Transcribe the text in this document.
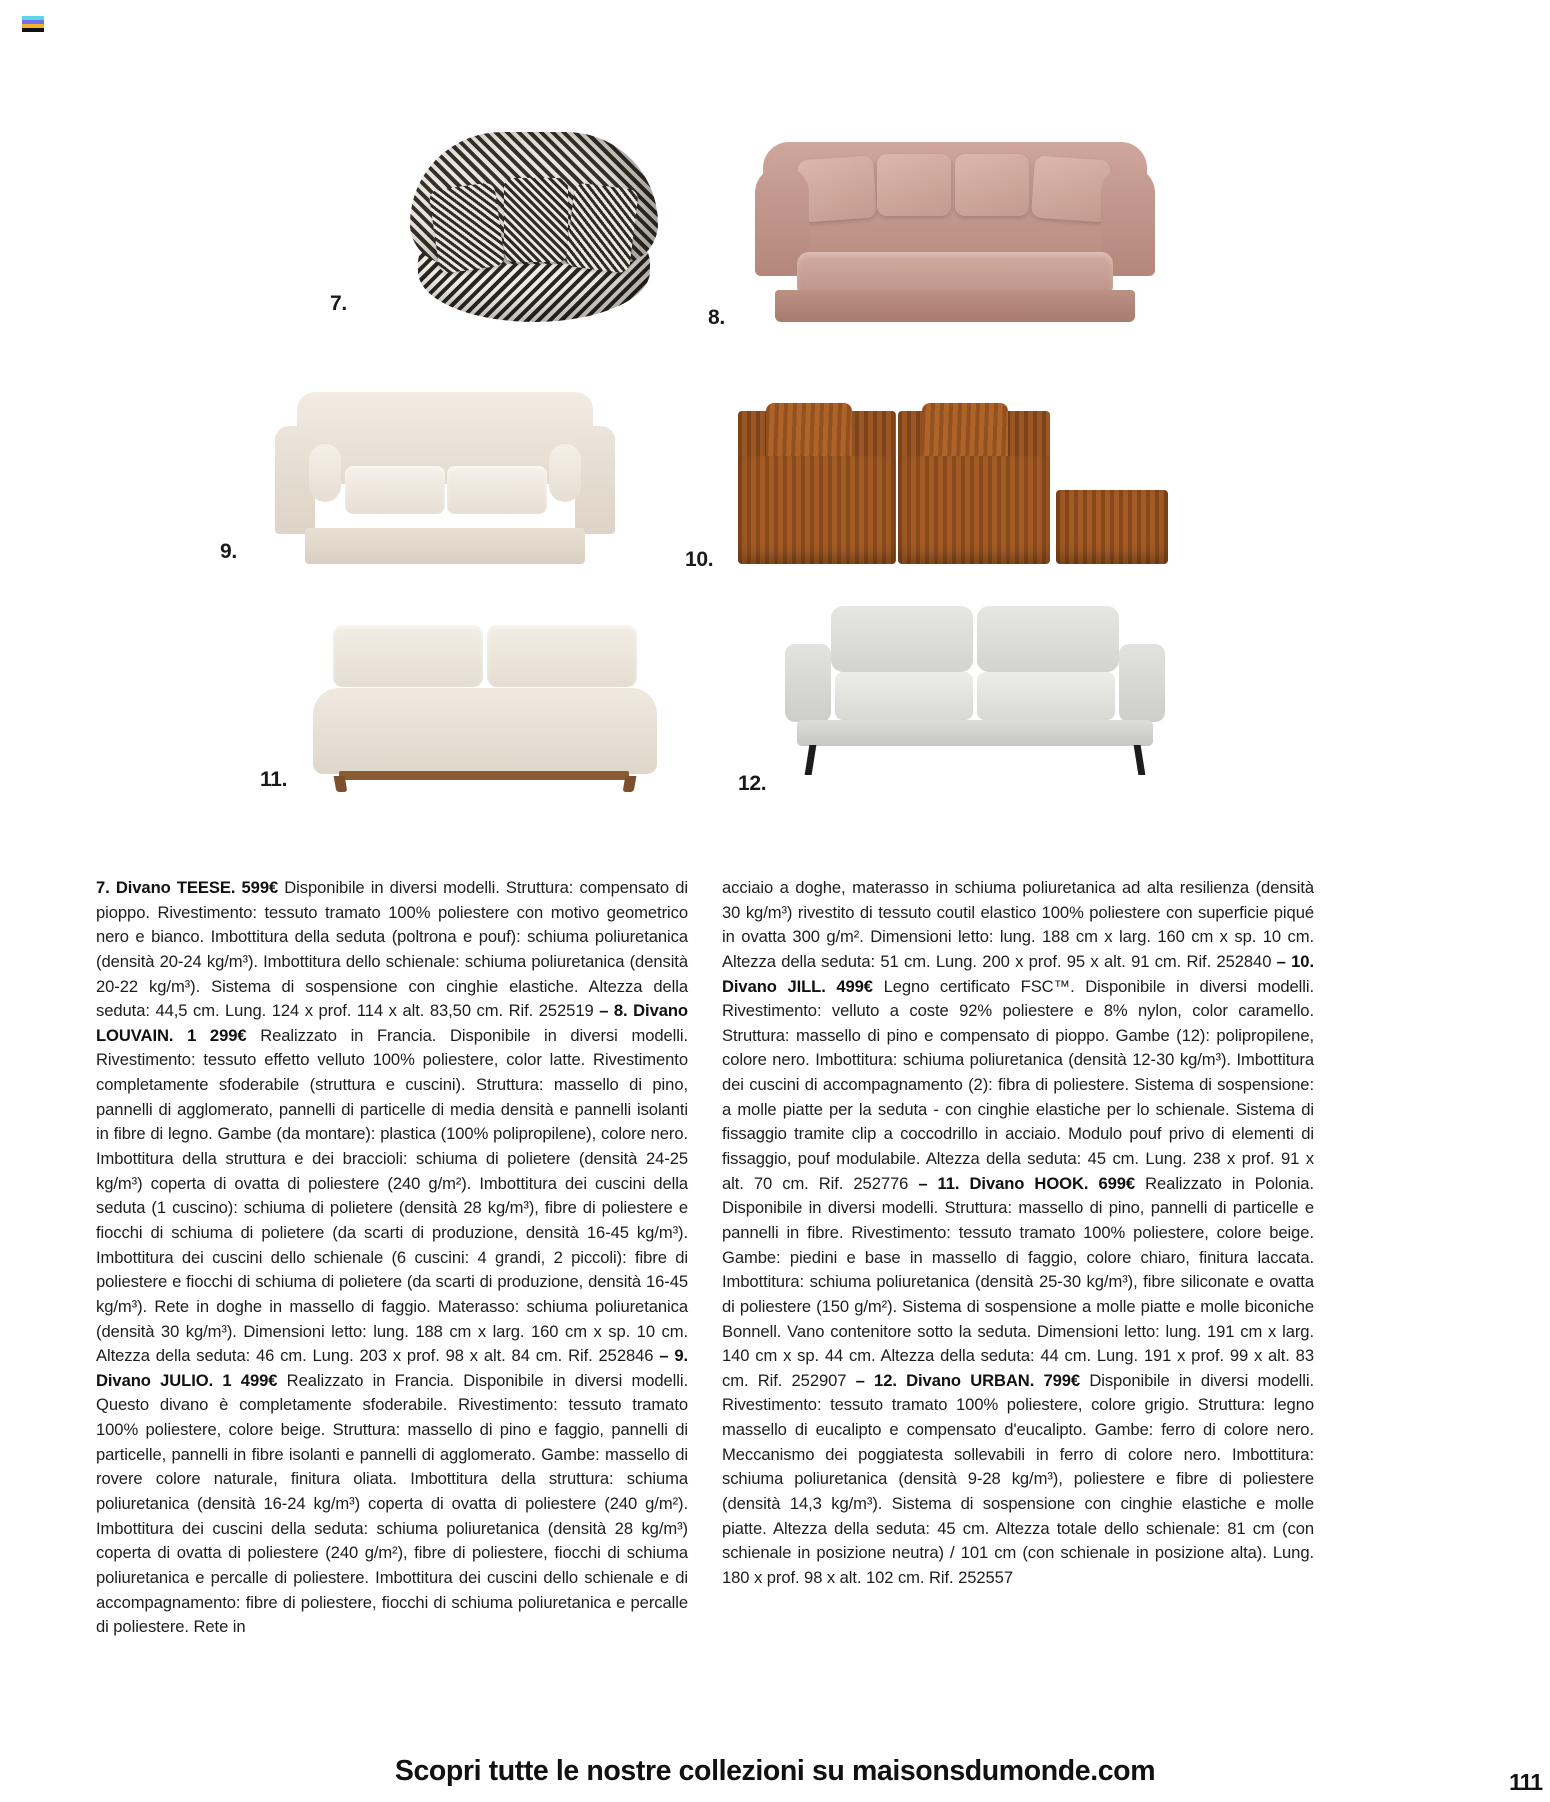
7.
8.
9.	10.
11.	12.

7. Divano TEESE. 599€ Disponibile in diversi modelli. Struttura: compensato di pioppo. Rivestimento: tessuto tramato 100% poliestere con motivo geometrico nero e bianco. Imbottitura della seduta (poltrona e pouf): schiuma poliuretanica (densità 20-24 kg/m³). Imbottitura dello schienale: schiuma poliuretanica (densità 20-22 kg/m³). Sistema di sospensione con cinghie elastiche. Altezza della seduta: 44,5 cm. Lung. 124 x prof. 114 x alt. 83,50 cm. Rif. 252519 – 8. Divano LOUVAIN. 1 299€ Realizzato in Francia. Disponibile in diversi modelli. Rivestimento: tessuto effetto velluto 100% poliestere, color latte. Rivestimento completamente sfoderabile (struttura e cuscini). Struttura: massello di pino, pannelli di agglomerato, pannelli di particelle di media densità e pannelli isolanti in fibre di legno. Gambe (da montare): plastica (100% polipropilene), colore nero. Imbottitura della struttura e dei braccioli: schiuma di polietere (densità 24-25 kg/m³) coperta di ovatta di poliestere (240 g/m²). Imbottitura dei cuscini della seduta (1 cuscino): schiuma di polietere (densità 28 kg/m³), fibre di poliestere e fiocchi di schiuma di polietere (da scarti di produzione, densità 16-45 kg/m³). Imbottitura dei cuscini dello schienale (6 cuscini: 4 grandi, 2 piccoli): fibre di poliestere e fiocchi di schiuma di polietere (da scarti di produzione, densità 16-45 kg/m³). Rete in doghe in massello di faggio. Materasso: schiuma poliuretanica (densità 30 kg/m³). Dimensioni letto: lung. 188 cm x larg. 160 cm x sp. 10 cm. Altezza della seduta: 46 cm. Lung. 203 x prof. 98 x alt. 84 cm. Rif. 252846 – 9. Divano JULIO. 1 499€ Realizzato in Francia. Disponibile in diversi modelli. Questo divano è completamente sfoderabile. Rivestimento: tessuto tramato 100% poliestere, colore beige. Struttura: massello di pino e faggio, pannelli di particelle, pannelli in fibre isolanti e pannelli di agglomerato. Gambe: massello di rovere colore naturale, finitura oliata. Imbottitura della struttura: schiuma poliuretanica (densità 16-24 kg/m³) coperta di ovatta di poliestere (240 g/m²). Imbottitura dei cuscini della seduta: schiuma poliuretanica (densità 28 kg/m³) coperta di ovatta di poliestere (240 g/m²), fibre di poliestere, fiocchi di schiuma poliuretanica e percalle di poliestere. Imbottitura dei cuscini dello schienale e di accompagnamento: fibre di poliestere, fiocchi di schiuma poliuretanica e percalle di poliestere. Rete in

acciaio a doghe, materasso in schiuma poliuretanica ad alta resilienza (densità 30 kg/m³) rivestito di tessuto coutil elastico 100% poliestere con superficie piqué in ovatta 300 g/m². Dimensioni letto: lung. 188 cm x larg. 160 cm x sp. 10 cm. Altezza della seduta: 51 cm. Lung. 200 x prof. 95 x alt. 91 cm. Rif. 252840 – 10. Divano JILL. 499€ Legno certificato FSC™. Disponibile in diversi modelli. Rivestimento: velluto a coste 92% poliestere e 8% nylon, color caramello. Struttura: massello di pino e compensato di pioppo. Gambe (12): polipropilene, colore nero. Imbottitura: schiuma poliuretanica (densità 12-30 kg/m³). Imbottitura dei cuscini di accompagnamento (2): fibra di poliestere. Sistema di sospensione: a molle piatte per la seduta - con cinghie elastiche per lo schienale. Sistema di fissaggio tramite clip a coccodrillo in acciaio. Modulo pouf privo di elementi di fissaggio, pouf modulabile. Altezza della seduta: 45 cm. Lung. 238 x prof. 91 x alt. 70 cm. Rif. 252776 – 11. Divano HOOK. 699€ Realizzato in Polonia. Disponibile in diversi modelli. Struttura: massello di pino, pannelli di particelle e pannelli in fibre. Rivestimento: tessuto tramato 100% poliestere, colore beige. Gambe: piedini e base in massello di faggio, colore chiaro, finitura laccata. Imbottitura: schiuma poliuretanica (densità 25-30 kg/m³), fibre siliconate e ovatta di poliestere (150 g/m²). Sistema di sospensione a molle piatte e molle biconiche Bonnell. Vano contenitore sotto la seduta. Dimensioni letto: lung. 191 cm x larg. 140 cm x sp. 44 cm. Altezza della seduta: 44 cm. Lung. 191 x prof. 99 x alt. 83 cm. Rif. 252907 – 12. Divano URBAN. 799€ Disponibile in diversi modelli. Rivestimento: tessuto tramato 100% poliestere, colore grigio. Struttura: legno massello di eucalipto e compensato d'eucalipto. Gambe: ferro di colore nero. Meccanismo dei poggiatesta sollevabili in ferro di colore nero. Imbottitura: schiuma poliuretanica (densità 9-28 kg/m³), poliestere e fibre di poliestere (densità 14,3 kg/m³). Sistema di sospensione con cinghie elastiche e molle piatte. Altezza della seduta: 45 cm. Altezza totale dello schienale: 81 cm (con schienale in posizione neutra) / 101 cm (con schienale in posizione alta). Lung. 180 x prof. 98 x alt. 102 cm. Rif. 252557

Scopri tutte le nostre collezioni su maisonsdumonde.com	111
